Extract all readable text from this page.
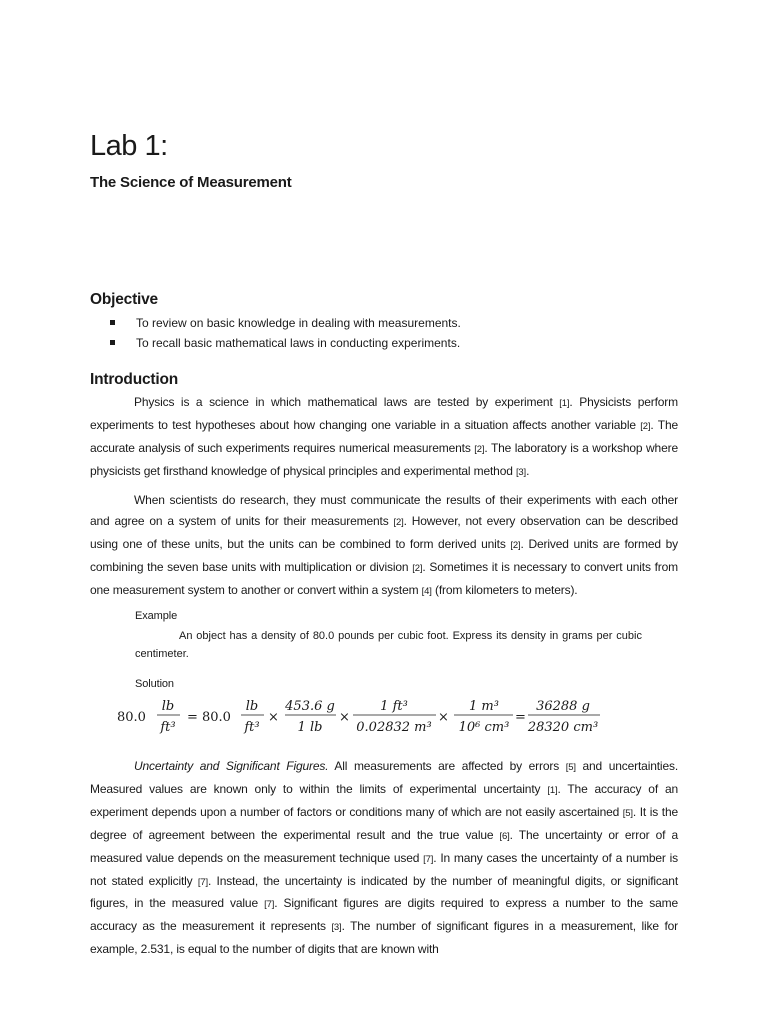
Lab 1:
The Science of Measurement
Objective
To review on basic knowledge in dealing with measurements.
To recall basic mathematical laws in conducting experiments.
Introduction

Physics is a science in which mathematical laws are tested by experiment [1]. Physicists perform experiments to test hypotheses about how changing one variable in a situation affects another variable [2]. The accurate analysis of such experiments requires numerical measurements [2]. The laboratory is a workshop where physicists get firsthand knowledge of physical principles and experimental method [3].

When scientists do research, they must communicate the results of their experiments with each other and agree on a system of units for their measurements [2]. However, not every observation can be described using one of these units, but the units can be combined to form derived units [2]. Derived units are formed by combining the seven base units with multiplication or division [2]. Sometimes it is necessary to convert units from one measurement system to another or convert within a system [4] (from kilometers to meters).

Example

An object has a density of 80.0 pounds per cubic foot. Express its density in grams per cubic centimeter.

Solution
80.0
lb
ft³
= 80.0
lb
ft³
×
453.6 g
1 lb
×
1 ft³
0.02832 m³
×
1 m³
10⁶ cm³
=
36288 g
28320 cm³

Uncertainty and Significant Figures. All measurements are affected by errors [5] and uncertainties. Measured values are known only to within the limits of experimental uncertainty [1]. The accuracy of an experiment depends upon a number of factors or conditions many of which are not easily ascertained [5]. It is the degree of agreement between the experimental result and the true value [6]. The uncertainty or error of a measured value depends on the measurement technique used [7]. In many cases the uncertainty of a number is not stated explicitly [7]. Instead, the uncertainty is indicated by the number of meaningful digits, or significant figures, in the measured value [7]. Significant figures are digits required to express a number to the same accuracy as the measurement it represents [3]. The number of significant figures in a measurement, like for example, 2.531, is equal to the number of digits that are known with
